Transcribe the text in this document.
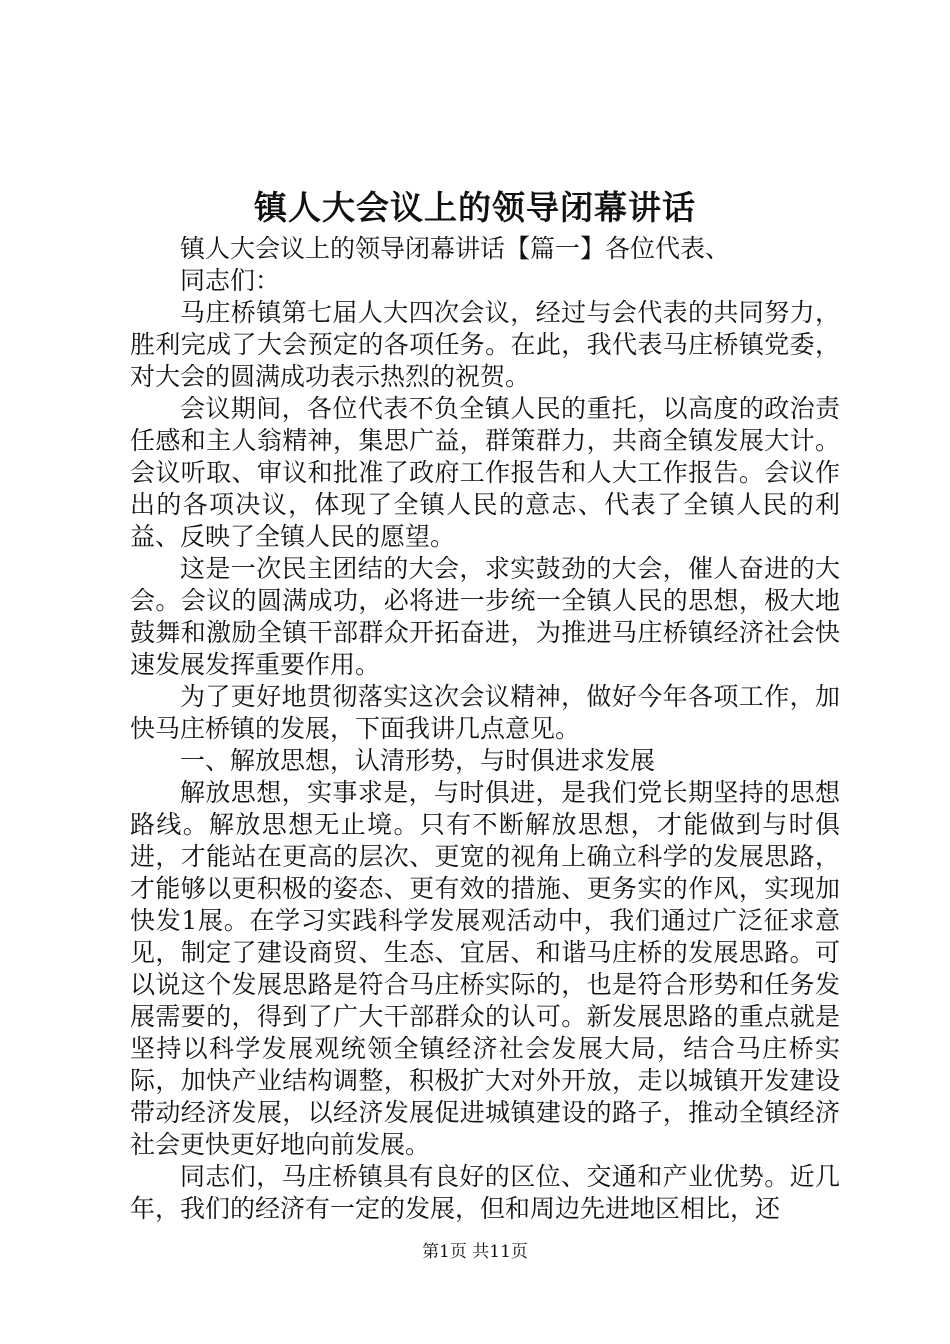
镇人大会议上的领导闭幕讲话

镇人大会议上的领导闭幕讲话【篇一】各位代表、

同志们：

马庄桥镇第七届人大四次会议，经过与会代表的共同努力，胜利完成了大会预定的各项任务。在此，我代表马庄桥镇党委，对大会的圆满成功表示热烈的祝贺。

会议期间，各位代表不负全镇人民的重托，以高度的政治责任感和主人翁精神，集思广益，群策群力，共商全镇发展大计。会议听取、审议和批准了政府工作报告和人大工作报告。会议作出的各项决议，体现了全镇人民的意志、代表了全镇人民的利益、反映了全镇人民的愿望。

这是一次民主团结的大会，求实鼓劲的大会，催人奋进的大会。会议的圆满成功，必将进一步统一全镇人民的思想，极大地鼓舞和激励全镇干部群众开拓奋进，为推进马庄桥镇经济社会快速发展发挥重要作用。

为了更好地贯彻落实这次会议精神，做好今年各项工作，加快马庄桥镇的发展，下面我讲几点意见。

一、解放思想，认清形势，与时俱进求发展

解放思想，实事求是，与时俱进，是我们党长期坚持的思想路线。解放思想无止境。只有不断解放思想，才能做到与时俱进，才能站在更高的层次、更宽的视角上确立科学的发展思路，才能够以更积极的姿态、更有效的措施、更务实的作风，实现加快发1展。在学习实践科学发展观活动中，我们通过广泛征求意见，制定了建设商贸、生态、宜居、和谐马庄桥的发展思路。可以说这个发展思路是符合马庄桥实际的，也是符合形势和任务发展需要的，得到了广大干部群众的认可。新发展思路的重点就是坚持以科学发展观统领全镇经济社会发展大局，结合马庄桥实际，加快产业结构调整，积极扩大对外开放，走以城镇开发建设带动经济发展，以经济发展促进城镇建设的路子，推动全镇经济社会更快更好地向前发展。

同志们，马庄桥镇具有良好的区位、交通和产业优势。近几年，我们的经济有一定的发展，但和周边先进地区相比，还

第1页 共11页
